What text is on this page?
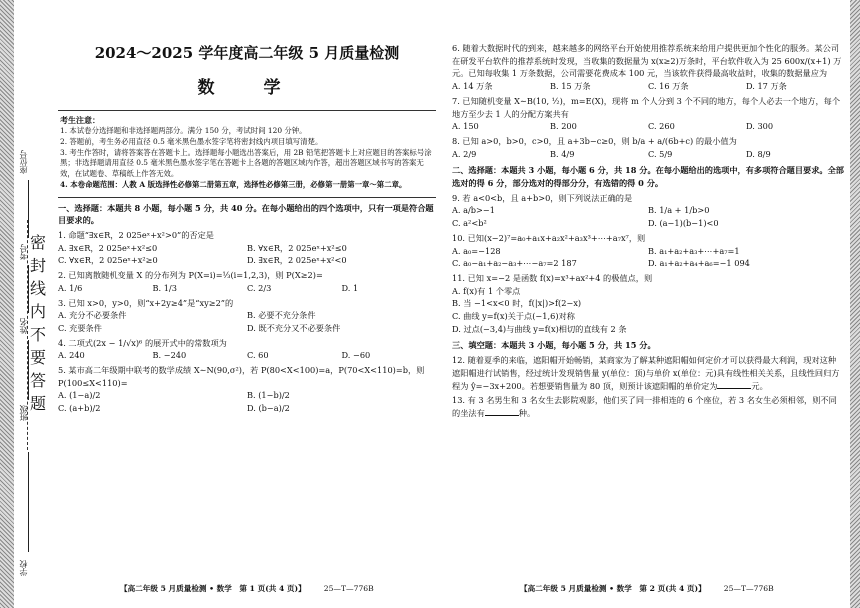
学校
班级
姓名
考号
座位号
密 封 线 内 不 要 答 题
2024～2025 学年度高二年级 5 月质量检测
数　学
考生注意：
1. 本试卷分选择题和非选择题两部分。满分 150 分，考试时间 120 分钟。
2. 答题前，考生务必用直径 0.5 毫米黑色墨水签字笔将密封线内项目填写清楚。
3. 考生作答时，请将答案答在答题卡上。选择题每小题选出答案后，用 2B 铅笔把答题卡上对应题目的答案标号涂黑；非选择题请用直径 0.5 毫米黑色墨水签字笔在答题卡上各题的答题区域内作答，超出答题区域书写的答案无效，在试题卷、草稿纸上作答无效。
4. 本卷命题范围：人教 A 版选择性必修第二册第五章，选择性必修第三册，必修第一册第一章～第二章。
一、选择题：本题共 8 小题，每小题 5 分，共 40 分。在每小题给出的四个选项中，只有一项是符合题目要求的。
1. 命题“∃x∈R，2 025eˣ+x²>0”的否定是
A. ∃x∈R，2 025eˣ+x²≤0	B. ∀x∈R，2 025eˣ+x²≤0
C. ∀x∈R，2 025eˣ+x²≥0	D. ∃x∈R，2 025eˣ+x²<0
2. 已知离散随机变量 X 的分布列为 P(X=i)=⅓(i=1,2,3)，则 P(X≥2)=
A. 1/6	B. 1/3	C. 2/3	D. 1
3. 已知 x>0，y>0，则“x+2y≥4”是“xy≥2”的
A. 充分不必要条件	B. 必要不充分条件
C. 充要条件	D. 既不充分又不必要条件
4. 二项式(2x − 1/√x)⁶ 的展开式中的常数项为
A. 240	B. −240	C. 60	D. −60
5. 某市高二年级期中联考的数学成绩 X∼N(90,σ²)，若 P(80<X<100)=a，P(70<X<110)=b，则 P(100≤X<110)=
A. (1−a)/2	B. (1−b)/2
C. (a+b)/2	D. (b−a)/2
6. 随着大数据时代的到来，越来越多的网络平台开始使用推荐系统来给用户提供更加个性化的服务。某公司在研发平台软件的推荐系统时发现，当收集的数据量为 x(x≥2)万条时，平台软件收入为 25 600x/(x+1) 万元。已知每收集 1 万条数据，公司需要花费成本 100 元，当该软件获得最高收益时，收集的数据量应为
A. 14 万条	B. 15 万条	C. 16 万条	D. 17 万条
7. 已知随机变量 X∼B(10, ½)，m=E(X)，现将 m 个人分到 3 个不同的地方，每个人必去一个地方，每个地方至少去 1 人的分配方案共有
A. 150	B. 200	C. 260	D. 300
8. 已知 a>0，b>0，c>0，且 a+3b−c≥0，则 b/a + a/(6b+c) 的最小值为
A. 2/9	B. 4/9	C. 5/9	D. 8/9
二、选择题：本题共 3 小题，每小题 6 分，共 18 分。在每小题给出的选项中，有多项符合题目要求。全部选对的得 6 分，部分选对的得部分分，有选错的得 0 分。
9. 若 a<0<b，且 a+b>0，则下列说法正确的是
A. a/b>−1	B. 1/a + 1/b>0
C. a²<b²	D. (a−1)(b−1)<0
10. 已知(x−2)⁷=a₀+a₁x+a₂x²+a₃x³+⋯+a₇x⁷，则
A. a₀=−128	B. a₁+a₂+a₃+⋯+a₇=1
C. a₀−a₁+a₂−a₃+⋯−a₇=2 187	D. a₁+a₂+a₄+a₆=−1 094
11. 已知 x=−2 是函数 f(x)=x³+ax²+4 的极值点，则
A. f(x)有 1 个零点
B. 当 −1<x<0 时，f(|x|)>f(2−x)
C. 曲线 y=f(x)关于点(−1,6)对称
D. 过点(−3,4)与曲线 y=f(x)相切的直线有 2 条
三、填空题：本题共 3 小题，每小题 5 分，共 15 分。
12. 随着夏季的来临，遮阳帽开始畅销，某商家为了解某种遮阳帽如何定价才可以获得最大利润，现对这种遮阳帽进行试销售，经过统计发现销售量 y(单位：顶)与单价 x(单位：元)具有线性相关关系，且线性回归方程为 ŷ=−3x+200。若想要销售量为 80 顶，则预计该遮阳帽的单价定为	元。
13. 有 3 名男生和 3 名女生去影院观影，他们买了同一排相连的 6 个座位，若 3 名女生必须相邻，则不同的坐法有	种。
【高二年级 5 月质量检测 • 数学　第 1 页(共 4 页)】 25—T—776B	【高二年级 5 月质量检测 • 数学　第 2 页(共 4 页)】 25—T—776B
